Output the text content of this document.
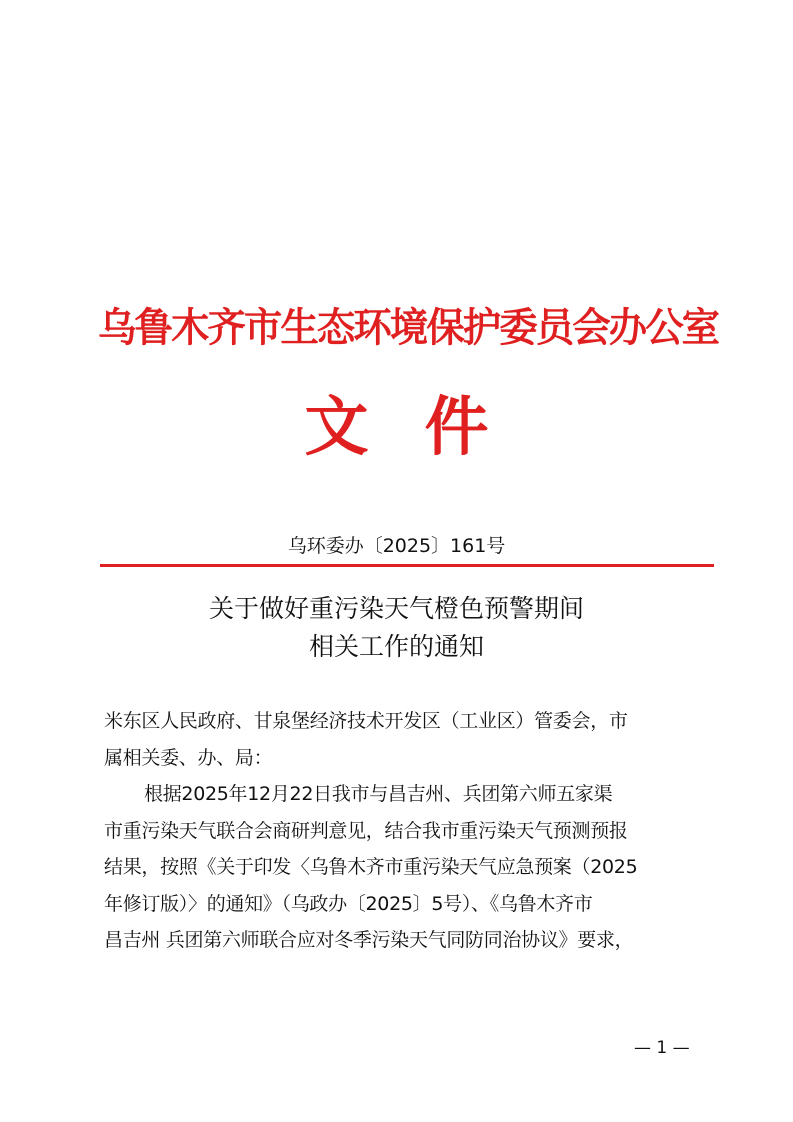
乌鲁木齐市生态环境保护委员会办公室
文件
乌环委办〔2025〕161号
关于做好重污染天气橙色预警期间
相关工作的通知
米东区人民政府、甘泉堡经济技术开发区（工业区）管委会，市
属相关委、办、局：
根据2025年12月22日我市与昌吉州、兵团第六师五家渠
市重污染天气联合会商研判意见，结合我市重污染天气预测预报
结果，按照《关于印发〈乌鲁木齐市重污染天气应急预案（2025
年修订版）〉的通知》（乌政办〔2025〕5号）、《乌鲁木齐市
昌吉州 兵团第六师联合应对冬季污染天气同防同治协议》要求，
— 1 —
